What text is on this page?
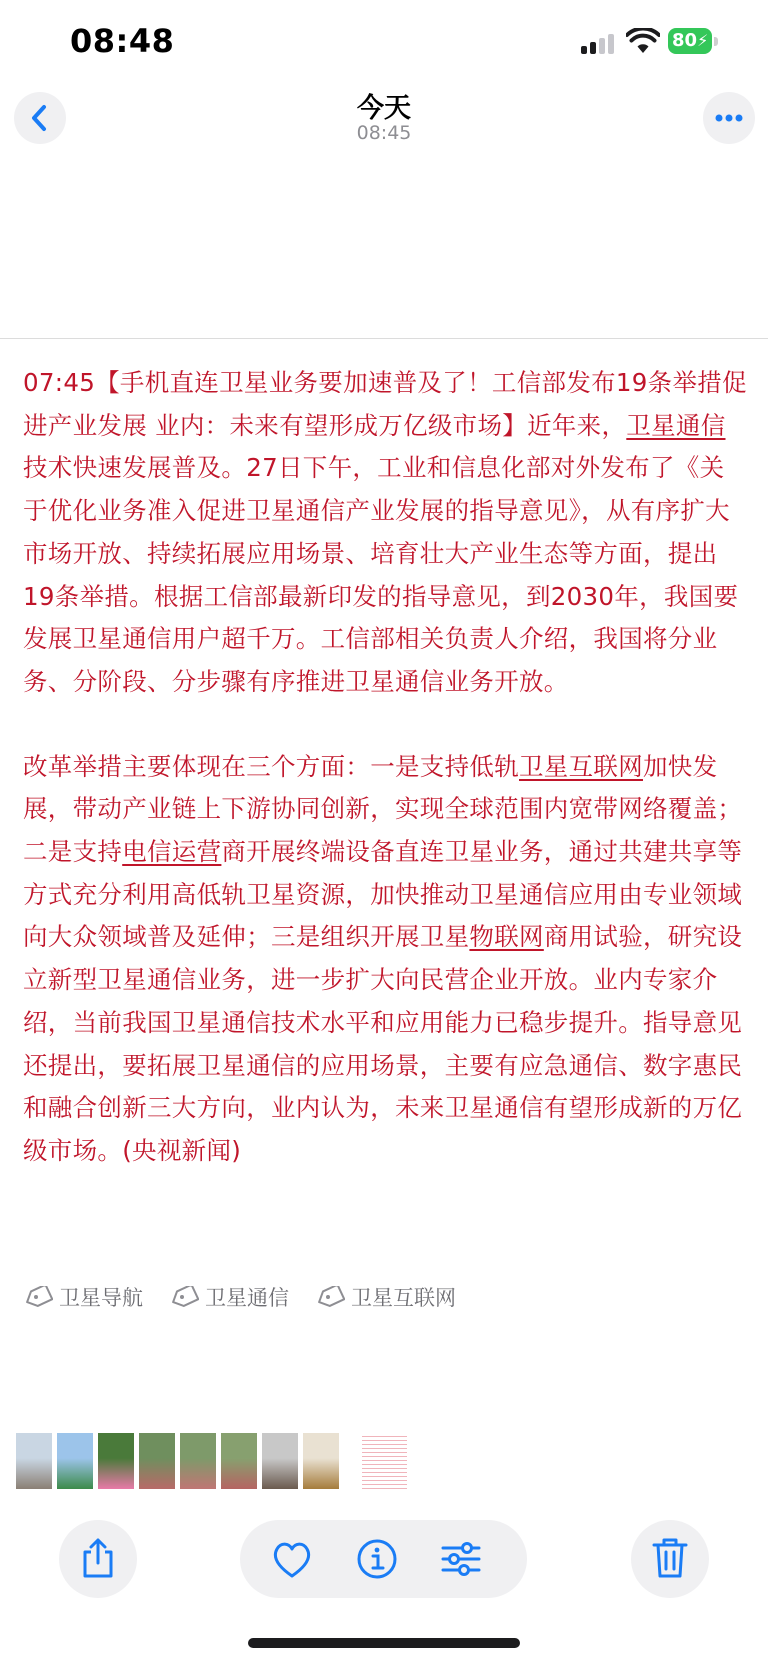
08:48	80⚡
今天
08:45

07:45【手机直连卫星业务要加速普及了！工信部发布19条举措促进产业发展 业内：未来有望形成万亿级市场】近年来，卫星通信技术快速发展普及。27日下午，工业和信息化部对外发布了《关于优化业务准入促进卫星通信产业发展的指导意见》，从有序扩大市场开放、持续拓展应用场景、培育壮大产业生态等方面，提出19条举措。根据工信部最新印发的指导意见，到2030年，我国要发展卫星通信用户超千万。工信部相关负责人介绍，我国将分业务、分阶段、分步骤有序推进卫星通信业务开放。

改革举措主要体现在三个方面：一是支持低轨卫星互联网加快发展，带动产业链上下游协同创新，实现全球范围内宽带网络覆盖；二是支持电信运营商开展终端设备直连卫星业务，通过共建共享等方式充分利用高低轨卫星资源，加快推动卫星通信应用由专业领域向大众领域普及延伸；三是组织开展卫星物联网商用试验，研究设立新型卫星通信业务，进一步扩大向民营企业开放。业内专家介绍，当前我国卫星通信技术水平和应用能力已稳步提升。指导意见还提出，要拓展卫星通信的应用场景，主要有应急通信、数字惠民和融合创新三大方向，业内认为，未来卫星通信有望形成新的万亿级市场。(央视新闻)

卫星导航	卫星通信	卫星互联网
